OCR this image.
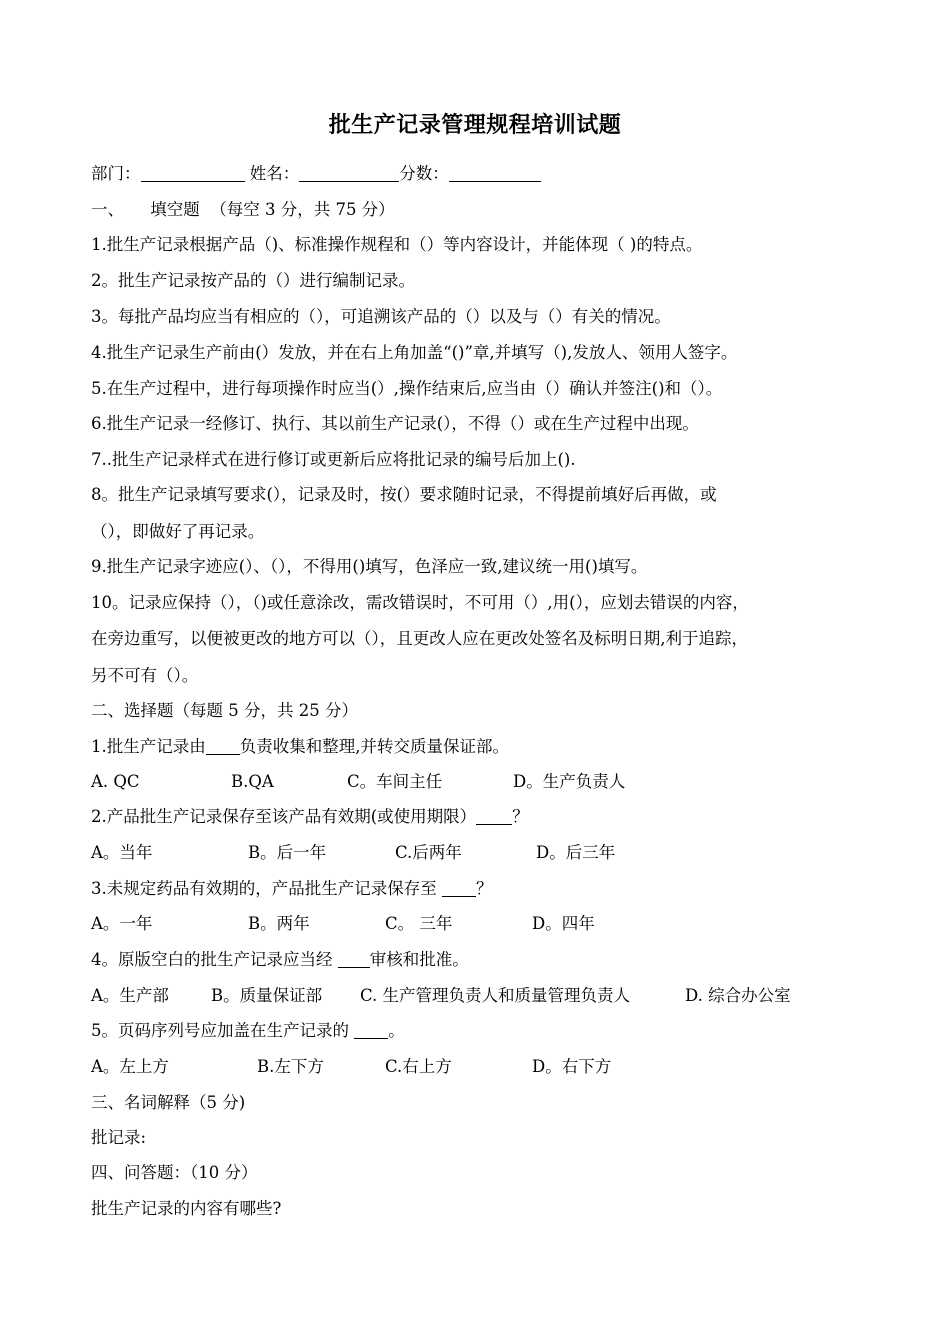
批生产记录管理规程培训试题
部门：	姓名：	分数：
一、     填空题  （每空 3 分，共 75 分）
1.批生产记录根据产品（)、标准操作规程和（）等内容设计，并能体现（ )的特点。
2。批生产记录按产品的（）进行编制记录。
3。每批产品均应当有相应的（），可追溯该产品的（）以及与（）有关的情况。
4.批生产记录生产前由(）发放，并在右上角加盖“()”章,并填写（),发放人、领用人签字。
5.在生产过程中，进行每项操作时应当(）,操作结束后,应当由（）确认并签注()和（）。
6.批生产记录一经修订、执行、其以前生产记录(），不得（）或在生产过程中出现。
7..批生产记录样式在进行修订或更新后应将批记录的编号后加上().
8。批生产记录填写要求(），记录及时，按(）要求随时记录，不得提前填好后再做，或
（），即做好了再记录。
9.批生产记录字迹应(）、（），不得用()填写，色泽应一致,建议统一用()填写。
10。记录应保持（），（)或任意涂改，需改错误时，不可用（）,用(），应划去错误的内容，
在旁边重写，以便被更改的地方可以（），且更改人应在更改处签名及标明日期,利于追踪，
另不可有（）。
二、选择题（每题 5 分，共 25 分）
1.批生产记录由 负责收集和整理,并转交质量保证部。
A. QC	B.QA	C。车间主任	D。生产负责人
2.产品批生产记录保存至该产品有效期(或使用期限） ？
A。当年	B。后一年	C.后两年	D。后三年
3.未规定药品有效期的，产品批生产记录保存至 ？
A。一年	B。两年	C。 三年	D。四年
4。原版空白的批生产记录应当经 审核和批准。
A。生产部	B。质量保证部 C. 生产管理负责人和质量管理负责人	D. 综合办公室
5。页码序列号应加盖在生产记录的 。
A。左上方	B.左下方	C.右上方	D。右下方
三、名词解释（5 分)
批记录:
四、问答题：（10 分）
批生产记录的内容有哪些?
